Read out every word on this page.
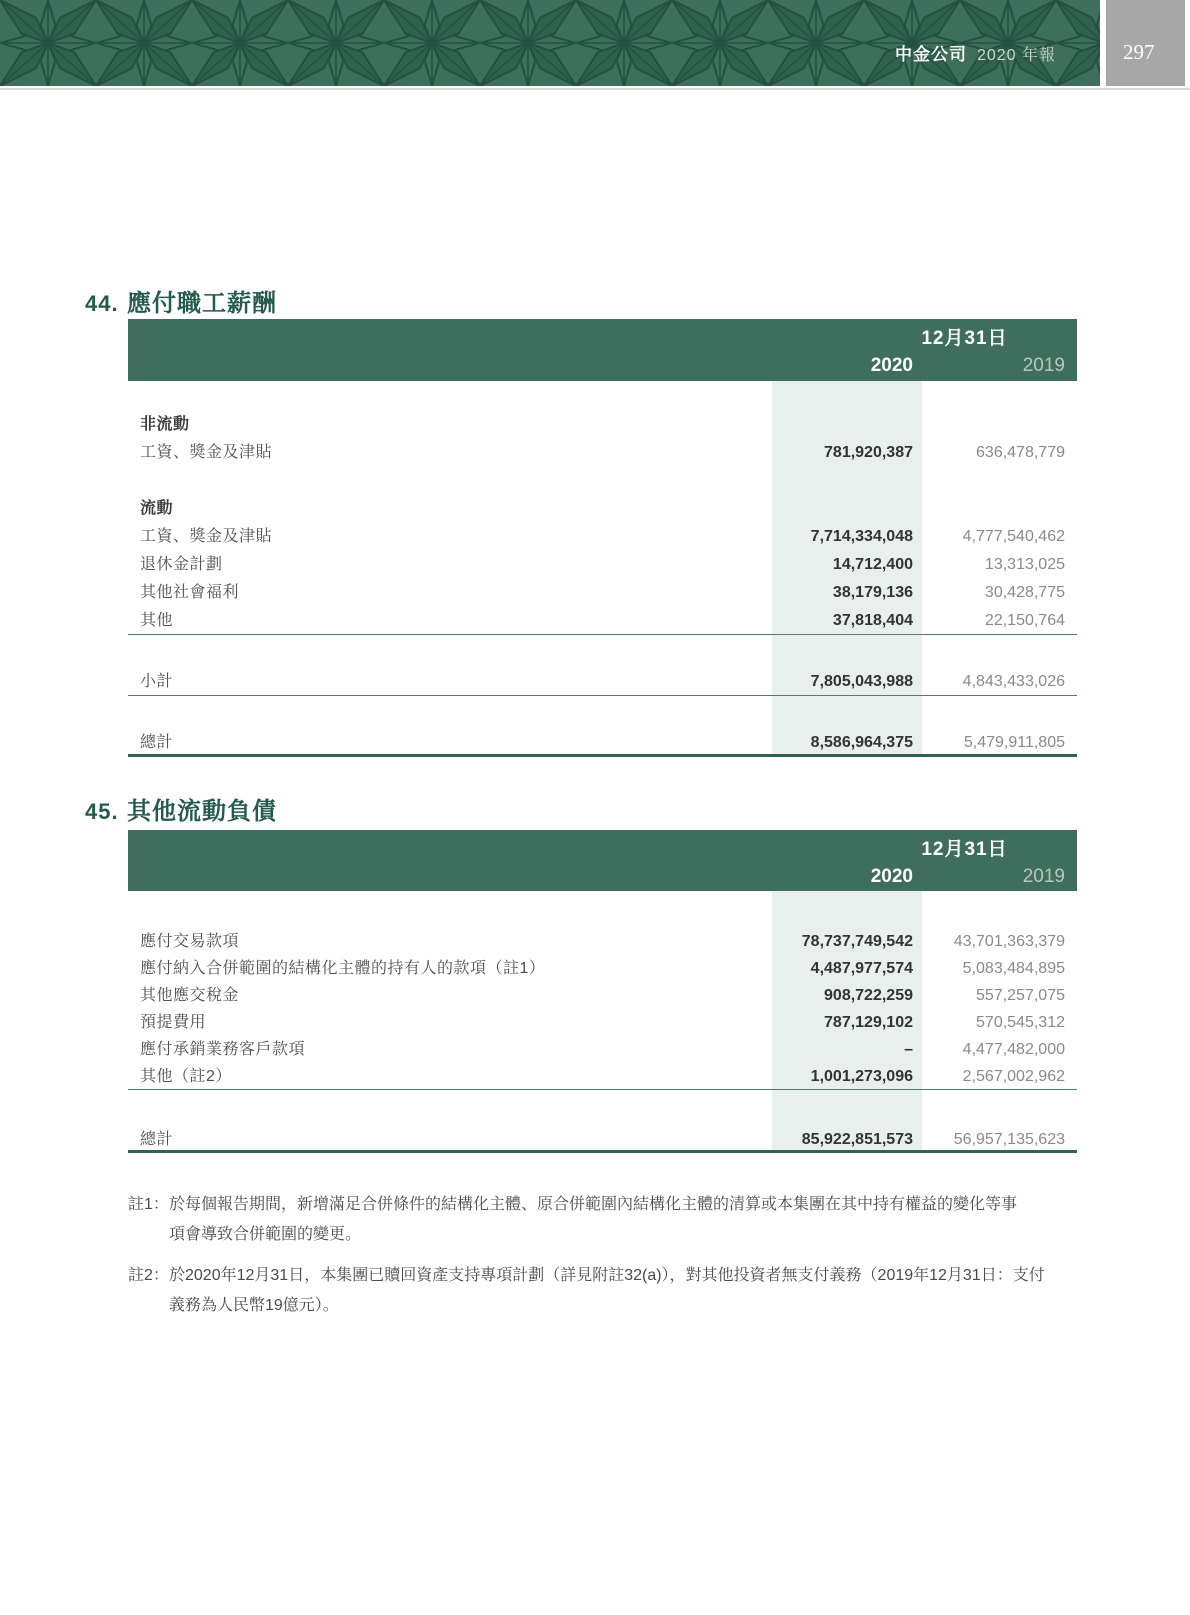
中金公司 2020 年報	297
44. 應付職工薪酬
12月31日
2020	2019
非流動
工資、獎金及津貼	781,920,387	636,478,779
流動
工資、獎金及津貼	7,714,334,048	4,777,540,462
退休金計劃	14,712,400	13,313,025
其他社會福利	38,179,136	30,428,775
其他	37,818,404	22,150,764
小計	7,805,043,988	4,843,433,026
總計	8,586,964,375	5,479,911,805
45. 其他流動負債
12月31日
2020	2019
應付交易款項	78,737,749,542	43,701,363,379
應付納入合併範圍的結構化主體的持有人的款項（註1）	4,487,977,574	5,083,484,895
其他應交稅金	908,722,259	557,257,075
預提費用	787,129,102	570,545,312
應付承銷業務客戶款項	–	4,477,482,000
其他（註2）	1,001,273,096	2,567,002,962
總計	85,922,851,573	56,957,135,623
註1： 於每個報告期間，新增滿足合併條件的結構化主體、原合併範圍內結構化主體的清算或本集團在其中持有權益的變化等事
項會導致合併範圍的變更。
註2： 於2020年12月31日，本集團已贖回資產支持專項計劃（詳見附註32(a)），對其他投資者無支付義務（2019年12月31日：支付
義務為人民幣19億元）。
